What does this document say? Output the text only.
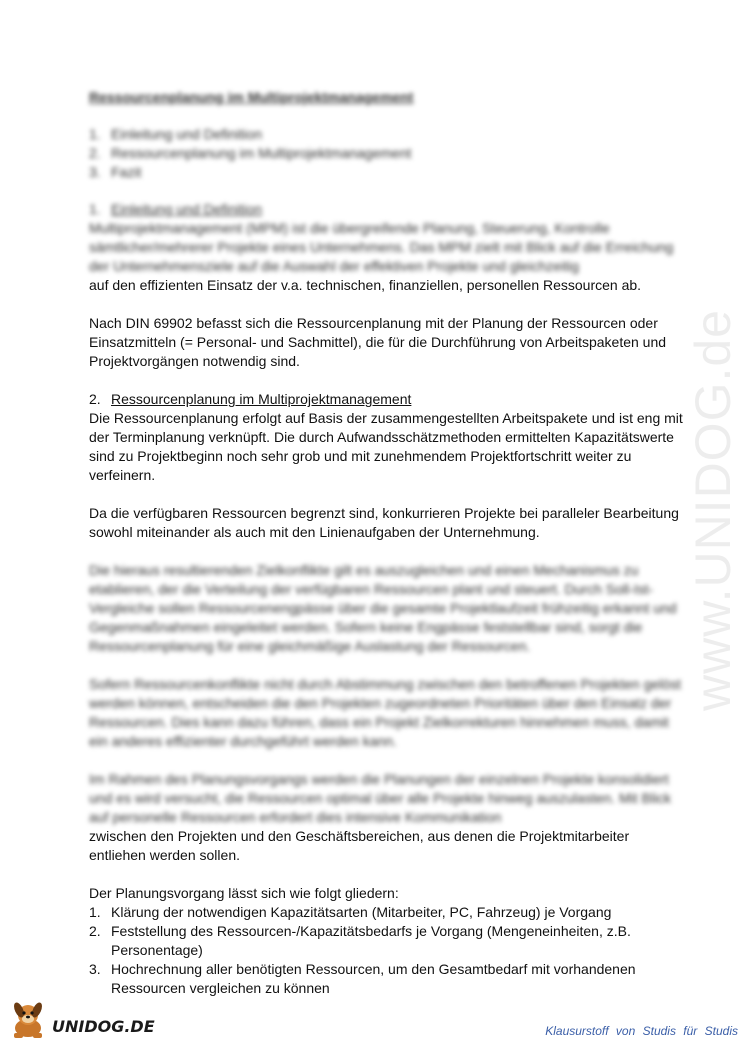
www.UNIDOG.de
Ressourcenplanung im Multiprojektmanagement
1. Einleitung und Definition
2. Ressourcenplanung im Multiprojektmanagement
3. Fazit
1. Einleitung und Definition
Multiprojektmanagement (MPM) ist die übergreifende Planung, Steuerung, Kontrolle sämtlicher/mehrerer Projekte eines Unternehmens. Das MPM zielt mit Blick auf die Erreichung der Unternehmensziele auf die Auswahl der effektiven Projekte und gleichzeitig
auf den effizienten Einsatz der v.a. technischen, finanziellen, personellen Ressourcen ab.

Nach DIN 69902 befasst sich die Ressourcenplanung mit der Planung der Ressourcen oder Einsatzmitteln (= Personal- und Sachmittel), die für die Durchführung von Arbeitspaketen und Projektvorgängen notwendig sind.

2. Ressourcenplanung im Multiprojektmanagement
Die Ressourcenplanung erfolgt auf Basis der zusammengestellten Arbeitspakete und ist eng mit der Terminplanung verknüpft. Die durch Aufwandsschätzmethoden ermittelten Kapazitätswerte sind zu Projektbeginn noch sehr grob und mit zunehmendem Projektfortschritt weiter zu verfeinern.

Da die verfügbaren Ressourcen begrenzt sind, konkurrieren Projekte bei paralleler Bearbeitung sowohl miteinander als auch mit den Linienaufgaben der Unternehmung.

Die hieraus resultierenden Zielkonflikte gilt es auszugleichen und einen Mechanismus zu etablieren, der die Verteilung der verfügbaren Ressourcen plant und steuert. Durch Soll-Ist-Vergleiche sollen Ressourcenengpässe über die gesamte Projektlaufzeit frühzeitig erkannt und Gegenmaßnahmen eingeleitet werden. Sofern keine Engpässe feststellbar sind, sorgt die Ressourcenplanung für eine gleichmäßige Auslastung der Ressourcen.

Sofern Ressourcenkonflikte nicht durch Abstimmung zwischen den betroffenen Projekten gelöst werden können, entscheiden die den Projekten zugeordneten Prioritäten über den Einsatz der Ressourcen. Dies kann dazu führen, dass ein Projekt Zielkorrekturen hinnehmen muss, damit ein anderes effizienter durchgeführt werden kann.

Im Rahmen des Planungsvorgangs werden die Planungen der einzelnen Projekte konsolidiert und es wird versucht, die Ressourcen optimal über alle Projekte hinweg auszulasten. Mit Blick auf personelle Ressourcen erfordert dies intensive Kommunikation
zwischen den Projekten und den Geschäftsbereichen, aus denen die Projektmitarbeiter entliehen werden sollen.
Der Planungsvorgang lässt sich wie folgt gliedern:
1. Klärung der notwendigen Kapazitätsarten (Mitarbeiter, PC, Fahrzeug) je Vorgang
2. Feststellung des Ressourcen-/Kapazitätsbedarfs je Vorgang (Mengeneinheiten, z.B. Personentage)
3. Hochrechnung aller benötigten Ressourcen, um den Gesamtbedarf mit vorhandenen Ressourcen vergleichen zu können
UNIDOG.DE	Klausurstoff von Studis für Studis
